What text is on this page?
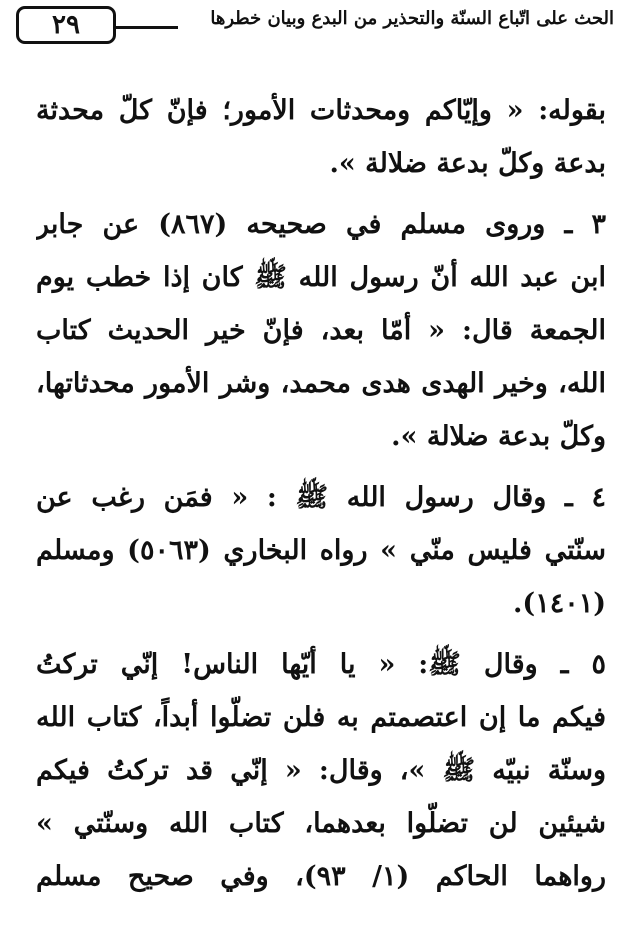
٢٩	الحث على اتّباع السنّة والتحذير من البدع وبيان خطرها
بقوله: « وإيّاكم ومحدثات الأمور؛ فإنّ كلّ محدثة
بدعة وكلّ بدعة ضلالة ».
٣ ـ وروى مسلم في صحيحه (٨٦٧) عن جابر
ابن عبد الله أنّ رسول الله ﷺ كان إذا خطب يوم
الجمعة قال: « أمّا بعد، فإنّ خير الحديث كتاب
الله، وخير الهدى هدى محمد، وشر الأمور محدثاتها،
وكلّ بدعة ضلالة ».
٤ ـ وقال رسول الله ﷺ : « فمَن رغب عن
سنّتي فليس منّي » رواه البخاري (٥٠٦٣) ومسلم
(١٤٠١).
٥ ـ وقال ﷺ: « يا أيّها الناس! إنّي تركتُ
فيكم ما إن اعتصمتم به فلن تضلّوا أبداً، كتاب الله
وسنّة نبيّه ﷺ »، وقال: « إنّي قد تركتُ فيكم
شيئين لن تضلّوا بعدهما، كتاب الله وسنّتي »
رواهما الحاكم (١/ ٩٣)، وفي صحيح مسلم
